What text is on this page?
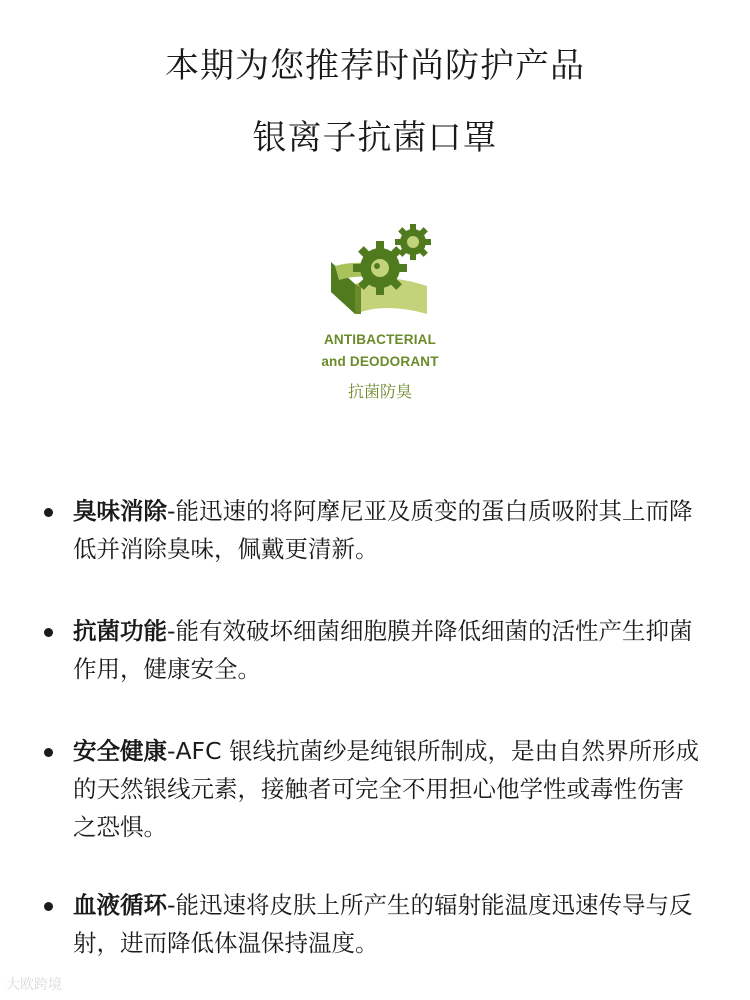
本期为您推荐时尚防护产品
银离子抗菌口罩
ANTIBACTERIAL
and DEODORANT
抗菌防臭
臭味消除-能迅速的将阿摩尼亚及质变的蛋白质吸附其上而降低并消除臭味，佩戴更清新。
抗菌功能-能有效破坏细菌细胞膜并降低细菌的活性产生抑菌作用，健康安全。
安全健康-AFC 银线抗菌纱是纯银所制成，是由自然界所形成的天然银线元素，接触者可完全不用担心他学性或毒性伤害之恐惧。
血液循环-能迅速将皮肤上所产生的辐射能温度迅速传导与反射，进而降低体温保持温度。
大欧跨境
